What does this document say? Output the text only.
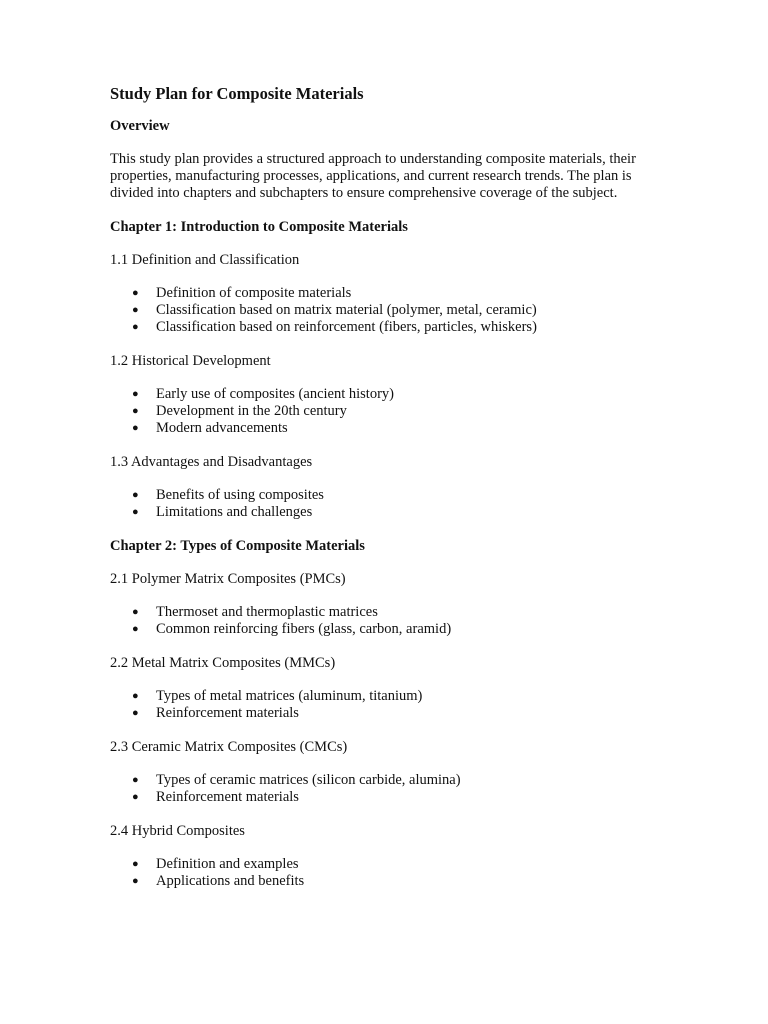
Study Plan for Composite Materials
Overview
This study plan provides a structured approach to understanding composite materials, their properties, manufacturing processes, applications, and current research trends. The plan is divided into chapters and subchapters to ensure comprehensive coverage of the subject.
Chapter 1: Introduction to Composite Materials
1.1 Definition and Classification
● Definition of composite materials
● Classification based on matrix material (polymer, metal, ceramic)
● Classification based on reinforcement (fibers, particles, whiskers)
1.2 Historical Development
● Early use of composites (ancient history)
● Development in the 20th century
● Modern advancements
1.3 Advantages and Disadvantages
● Benefits of using composites
● Limitations and challenges
Chapter 2: Types of Composite Materials
2.1 Polymer Matrix Composites (PMCs)
● Thermoset and thermoplastic matrices
● Common reinforcing fibers (glass, carbon, aramid)
2.2 Metal Matrix Composites (MMCs)
● Types of metal matrices (aluminum, titanium)
● Reinforcement materials
2.3 Ceramic Matrix Composites (CMCs)
● Types of ceramic matrices (silicon carbide, alumina)
● Reinforcement materials
2.4 Hybrid Composites
● Definition and examples
● Applications and benefits
